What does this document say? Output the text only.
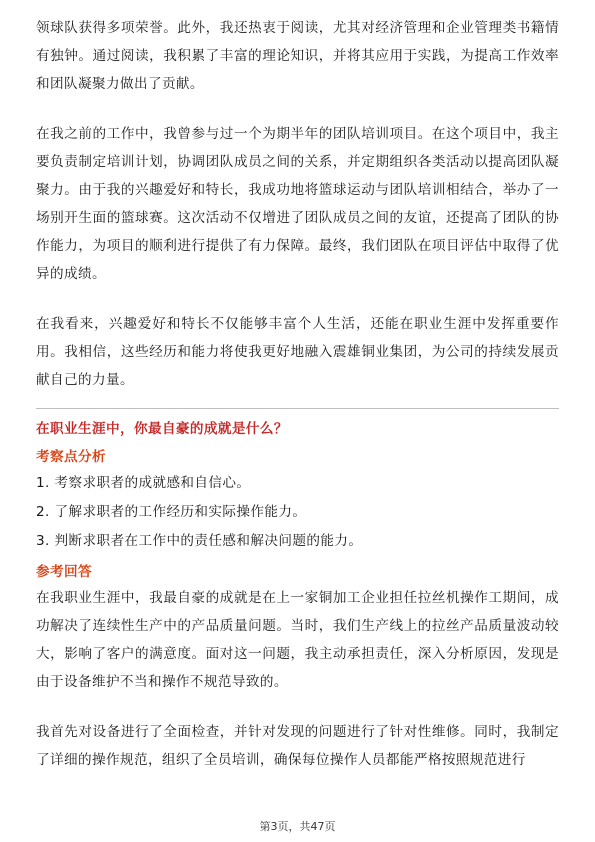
领球队获得多项荣誉。此外，我还热衷于阅读，尤其对经济管理和企业管理类书籍情有独钟。通过阅读，我积累了丰富的理论知识，并将其应用于实践，为提高工作效率和团队凝聚力做出了贡献。

在我之前的工作中，我曾参与过一个为期半年的团队培训项目。在这个项目中，我主要负责制定培训计划，协调团队成员之间的关系，并定期组织各类活动以提高团队凝聚力。由于我的兴趣爱好和特长，我成功地将篮球运动与团队培训相结合，举办了一场别开生面的篮球赛。这次活动不仅增进了团队成员之间的友谊，还提高了团队的协作能力，为项目的顺利进行提供了有力保障。最终，我们团队在项目评估中取得了优异的成绩。

在我看来，兴趣爱好和特长不仅能够丰富个人生活，还能在职业生涯中发挥重要作用。我相信，这些经历和能力将使我更好地融入震雄铜业集团，为公司的持续发展贡献自己的力量。

在职业生涯中，你最自豪的成就是什么？

考察点分析

1. 考察求职者的成就感和自信心。
2. 了解求职者的工作经历和实际操作能力。
3. 判断求职者在工作中的责任感和解决问题的能力。

参考回答

在我职业生涯中，我最自豪的成就是在上一家铜加工企业担任拉丝机操作工期间，成功解决了连续性生产中的产品质量问题。当时，我们生产线上的拉丝产品质量波动较大，影响了客户的满意度。面对这一问题，我主动承担责任，深入分析原因，发现是由于设备维护不当和操作不规范导致的。

我首先对设备进行了全面检查，并针对发现的问题进行了针对性维修。同时，我制定了详细的操作规范，组织了全员培训，确保每位操作人员都能严格按照规范进行

第3页，共47页
